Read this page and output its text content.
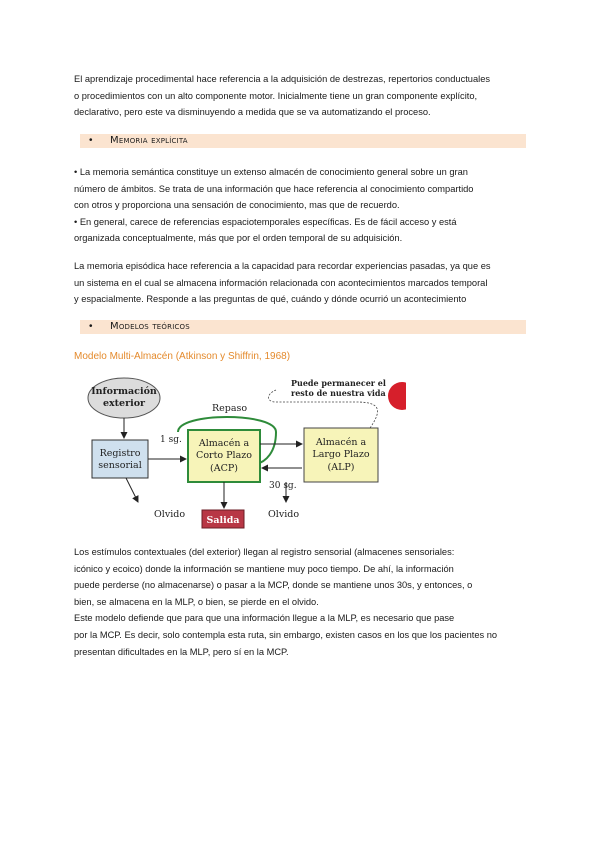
El aprendizaje procedimental hace referencia a la adquisición de destrezas, repertorios conductuales
o procedimientos con un alto componente motor. Inicialmente tiene un gran componente explícito,
declarativo, pero este va disminuyendo a medida que se va automatizando el proceso.
• Memoria explícita
• La memoria semántica constituye un extenso almacén de conocimiento general sobre un gran
número de ámbitos. Se trata de una información que hace referencia al conocimiento compartido
con otros y proporciona una sensación de conocimiento, mas que de recuerdo.
• En general, carece de referencias espaciotemporales específicas. Es de fácil acceso y está
organizada conceptualmente, más que por el orden temporal de su adquisición.
La memoria episódica hace referencia a la capacidad para recordar experiencias pasadas, ya que es
un sistema en el cual se almacena información relacionada con acontecimientos marcados temporal
y espacialmente. Responde a las preguntas de qué, cuándo y dónde ocurrió un acontecimiento
• Modelos teóricos
Modelo Multi-Almacén (Atkinson y Shiffrin, 1968)
Información
exterior
Registro
sensorial
1 sg.
Olvido
Repaso
Almacén a
Corto Plazo
(ACP)
30 sg.
Almacén a
Largo Plazo
(ALP)
Puede permanecer el
resto de nuestra vida
Salida
Olvido
Los estímulos contextuales (del exterior) llegan al registro sensorial (almacenes sensoriales:
icónico y ecoico) donde la información se mantiene muy poco tiempo. De ahí, la información
puede perderse (no almacenarse) o pasar a la MCP, donde se mantiene unos 30s, y entonces, o
bien, se almacena en la MLP, o bien, se pierde en el olvido.
Este modelo defiende que para que una información llegue a la MLP, es necesario que pase
por la MCP. Es decir, solo contempla esta ruta, sin embargo, existen casos en los que los pacientes no
presentan dificultades en la MLP, pero sí en la MCP.
